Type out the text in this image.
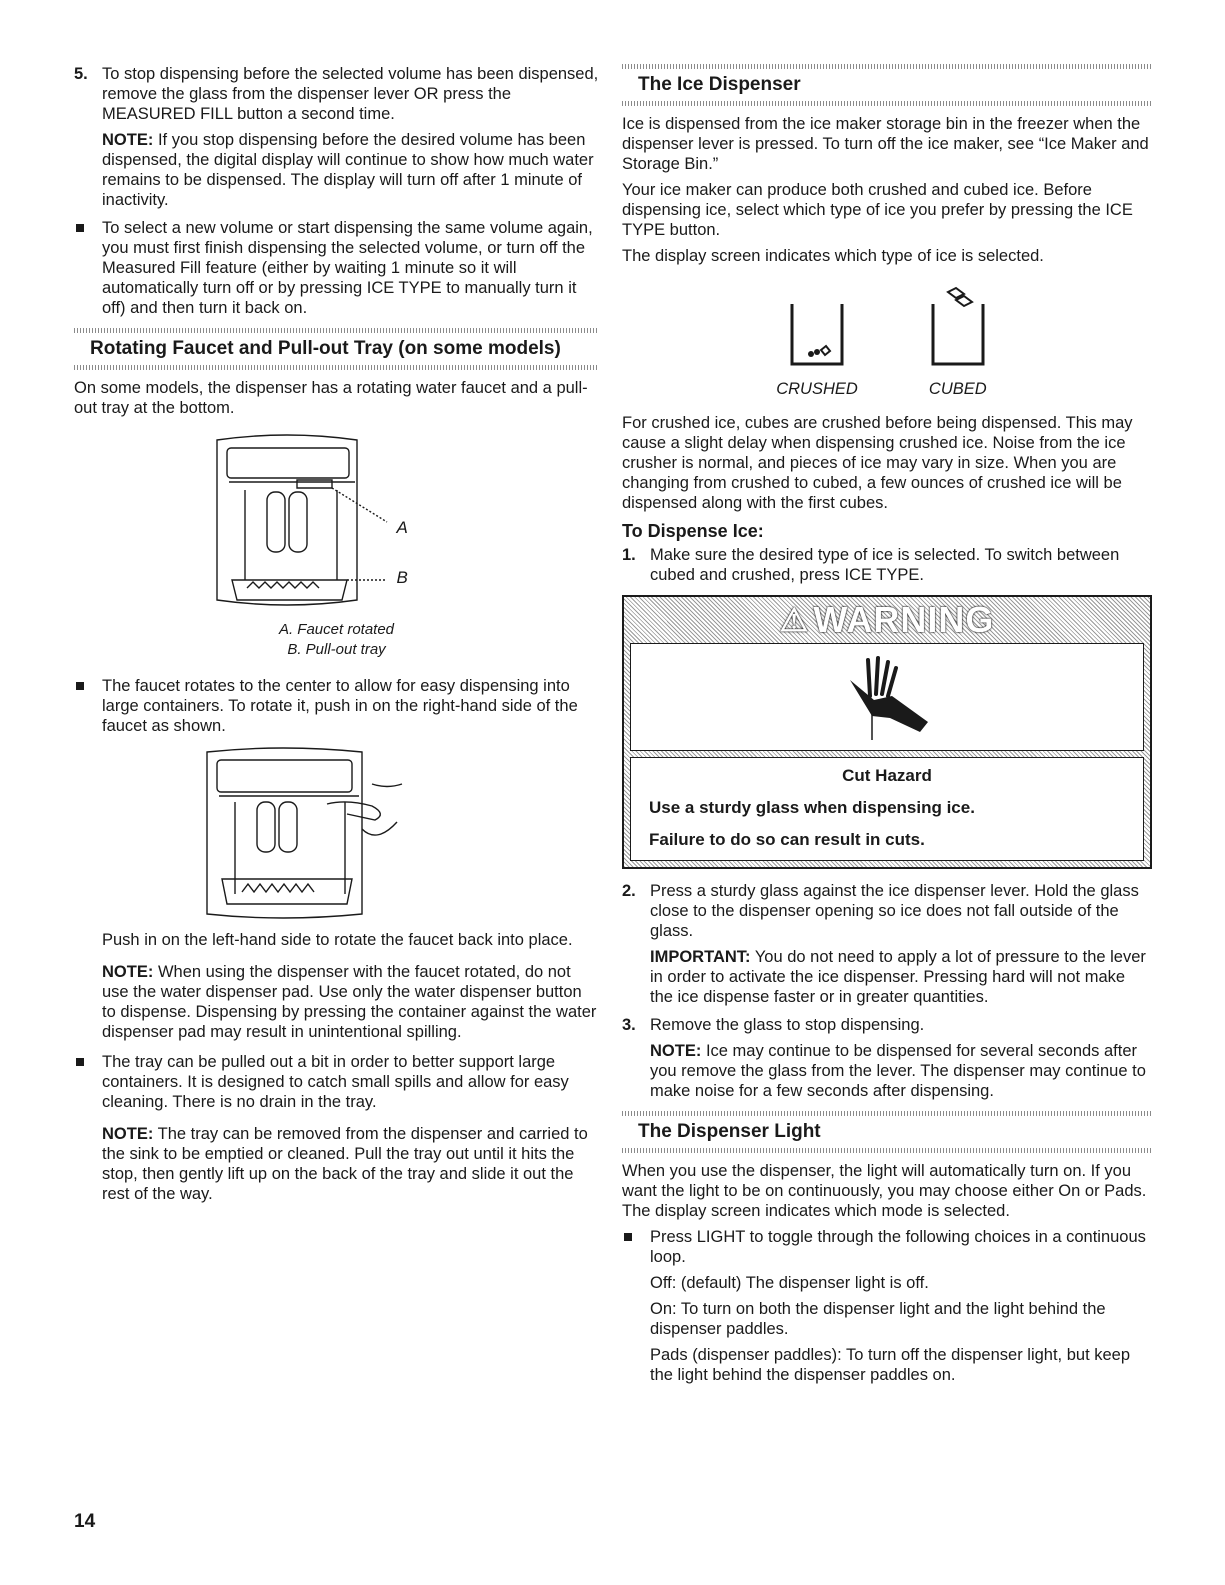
5. To stop dispensing before the selected volume has been dispensed, remove the glass from the dispenser lever OR press the MEASURED FILL button a second time.

NOTE: If you stop dispensing before the desired volume has been dispensed, the digital display will continue to show how much water remains to be dispensed. The display will turn off after 1 minute of inactivity.

To select a new volume or start dispensing the same volume again, you must first finish dispensing the selected volume, or turn off the Measured Fill feature (either by waiting 1 minute so it will automatically turn off or by pressing ICE TYPE to manually turn it off) and then turn it back on.

Rotating Faucet and Pull-out Tray (on some models)

On some models, the dispenser has a rotating water faucet and a pull-out tray at the bottom.

A
B
A. Faucet rotated
B. Pull-out tray

The faucet rotates to the center to allow for easy dispensing into large containers. To rotate it, push in on the right-hand side of the faucet as shown.

Push in on the left-hand side to rotate the faucet back into place.

NOTE: When using the dispenser with the faucet rotated, do not use the water dispenser pad. Use only the water dispenser button to dispense. Dispensing by pressing the container against the water dispenser pad may result in unintentional spilling.

The tray can be pulled out a bit in order to better support large containers. It is designed to catch small spills and allow for easy cleaning. There is no drain in the tray.

NOTE: The tray can be removed from the dispenser and carried to the sink to be emptied or cleaned. Pull the tray out until it hits the stop, then gently lift up on the back of the tray and slide it out the rest of the way.

The Ice Dispenser

Ice is dispensed from the ice maker storage bin in the freezer when the dispenser lever is pressed. To turn off the ice maker, see “Ice Maker and Storage Bin.”

Your ice maker can produce both crushed and cubed ice. Before dispensing ice, select which type of ice you prefer by pressing the ICE TYPE button.

The display screen indicates which type of ice is selected.

CRUSHED	CUBED

For crushed ice, cubes are crushed before being dispensed. This may cause a slight delay when dispensing crushed ice. Noise from the ice crusher is normal, and pieces of ice may vary in size. When you are changing from crushed to cubed, a few ounces of crushed ice will be dispensed along with the first cubes.

To Dispense Ice:
1. Make sure the desired type of ice is selected. To switch between cubed and crushed, press ICE TYPE.

⚠ WARNING
Cut Hazard
Use a sturdy glass when dispensing ice.
Failure to do so can result in cuts.
2. Press a sturdy glass against the ice dispenser lever. Hold the glass close to the dispenser opening so ice does not fall outside of the glass.

IMPORTANT: You do not need to apply a lot of pressure to the lever in order to activate the ice dispenser. Pressing hard will not make the ice dispense faster or in greater quantities.

3. Remove the glass to stop dispensing.

NOTE: Ice may continue to be dispensed for several seconds after you remove the glass from the lever. The dispenser may continue to make noise for a few seconds after dispensing.

The Dispenser Light

When you use the dispenser, the light will automatically turn on. If you want the light to be on continuously, you may choose either On or Pads. The display screen indicates which mode is selected.

Press LIGHT to toggle through the following choices in a continuous loop.

Off: (default) The dispenser light is off.

On: To turn on both the dispenser light and the light behind the dispenser paddles.

Pads (dispenser paddles): To turn off the dispenser light, but keep the light behind the dispenser paddles on.

14
